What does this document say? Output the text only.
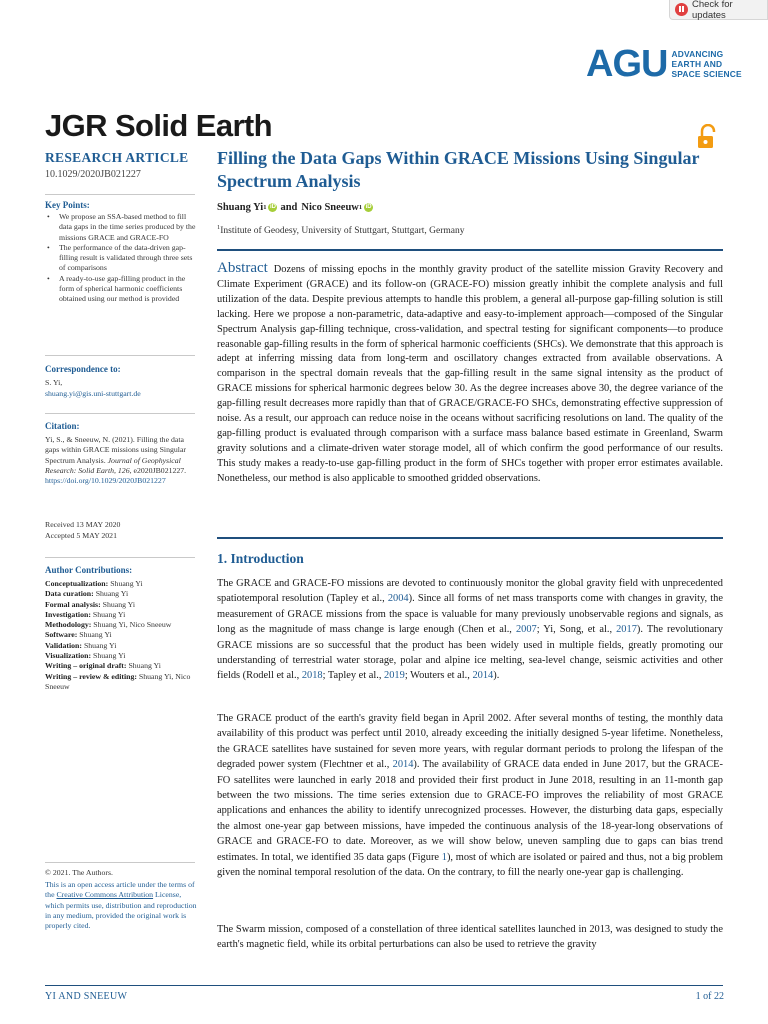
Check for updates
AGU ADVANCING
EARTH AND
SPACE SCIENCE
JGR Solid Earth
RESEARCH ARTICLE
10.1029/2020JB021227
Key Points:
• We propose an SSA-based method to fill data gaps in the time series produced by the missions GRACE and GRACE-FO
• The performance of the data-driven gap-filling result is validated through three sets of comparisons
• A ready-to-use gap-filling product in the form of spherical harmonic coefficients obtained using our method is provided
Correspondence to:
S. Yi,
shuang.yi@gis.uni-stuttgart.de
Citation:
Yi, S., & Sneeuw, N. (2021). Filling the data gaps within GRACE missions using Singular Spectrum Analysis. Journal of Geophysical Research: Solid Earth, 126, e2020JB021227. https://doi.org/10.1029/2020JB021227
Received 13 MAY 2020
Accepted 5 MAY 2021
Author Contributions:
Conceptualization: Shuang Yi
Data curation: Shuang Yi
Formal analysis: Shuang Yi
Investigation: Shuang Yi
Methodology: Shuang Yi, Nico Sneeuw
Software: Shuang Yi
Validation: Shuang Yi
Visualization: Shuang Yi
Writing – original draft: Shuang Yi
Writing – review & editing: Shuang Yi, Nico Sneeuw
© 2021. The Authors.
This is an open access article under the terms of the Creative Commons Attribution License, which permits use, distribution and reproduction in any medium, provided the original work is properly cited.
Filling the Data Gaps Within GRACE Missions Using Singular Spectrum Analysis
Shuang Yi 1 iD and Nico Sneeuw 1 iD
$^1$Institute of Geodesy, University of Stuttgart, Stuttgart, Germany
Abstract Dozens of missing epochs in the monthly gravity product of the satellite mission Gravity Recovery and Climate Experiment (GRACE) and its follow-on (GRACE-FO) mission greatly inhibit the complete analysis and full utilization of the data. Despite previous attempts to handle this problem, a general all-purpose gap-filling solution is still lacking. Here we propose a non-parametric, data-adaptive and easy-to-implement approach—composed of the Singular Spectrum Analysis gap-filling technique, cross-validation, and spectral testing for significant components—to produce reasonable gap-filling results in the form of spherical harmonic coefficients (SHCs). We demonstrate that this approach is adept at inferring missing data from long-term and oscillatory changes extracted from available observations. A comparison in the spectral domain reveals that the gap-filling result in the same signal intensity as the product of GRACE missions for spherical harmonic degrees below 30. As the degree increases above 30, the degree variance of the gap-filling result decreases more rapidly than that of GRACE/GRACE-FO SHCs, demonstrating effective suppression of noise. As a result, our approach can reduce noise in the oceans without sacrificing resolutions on land. The quality of the gap-filling product is evaluated through comparison with a surface mass balance based estimate in Greenland, Swarm gravity solutions and a climate-driven water storage model, all of which confirm the good performance of our results. This study makes a ready-to-use gap-filling product in the form of SHCs together with proper error estimates available. Nonetheless, our method is also applicable to smoothed gridded observations.
1. Introduction
The GRACE and GRACE-FO missions are devoted to continuously monitor the global gravity field with unprecedented spatiotemporal resolution (Tapley et al., 2004). Since all forms of net mass transports come with changes in gravity, the measurement of GRACE missions from the space is valuable for many previously unobservable regions and signals, as long as the magnitude of mass change is large enough (Chen et al., 2007; Yi, Song, et al., 2017). The revolutionary GRACE missions are so successful that the product has been widely used in multiple fields, greatly promoting our understanding of terrestrial water storage, polar and alpine ice melting, sea-level change, seismic activities and other fields (Rodell et al., 2018; Tapley et al., 2019; Wouters et al., 2014).
The GRACE product of the earth's gravity field began in April 2002. After several months of testing, the monthly data availability of this product was perfect until 2010, already exceeding the initially designed 5-year lifetime. Nonetheless, the GRACE satellites have sustained for seven more years, with regular dormant periods to prolong the lifespan of the degraded power system (Flechtner et al., 2014). The availability of GRACE data ended in June 2017, but the GRACE-FO satellites were launched in early 2018 and provided their first product in June 2018, resulting in an 11-month gap between the two missions. The time series extension due to GRACE-FO improves the reliability of most GRACE applications and enhances the ability to identify unrecognized processes. However, the disturbing data gaps, especially the almost one-year gap between missions, have impeded the continuous analysis of the 18-year-long observations of GRACE and GRACE-FO to date. Moreover, as we will show below, uneven sampling due to gaps can bias trend estimates. In total, we identified 35 data gaps (Figure 1), most of which are isolated or paired and thus, not a big problem given the nominal temporal resolution of the data. On the contrary, to fill the nearly one-year gap is challenging.
The Swarm mission, composed of a constellation of three identical satellites launched in 2013, was designed to study the earth's magnetic field, while its orbital perturbations can also be used to retrieve the gravity
YI AND SNEEUW	1 of 22
